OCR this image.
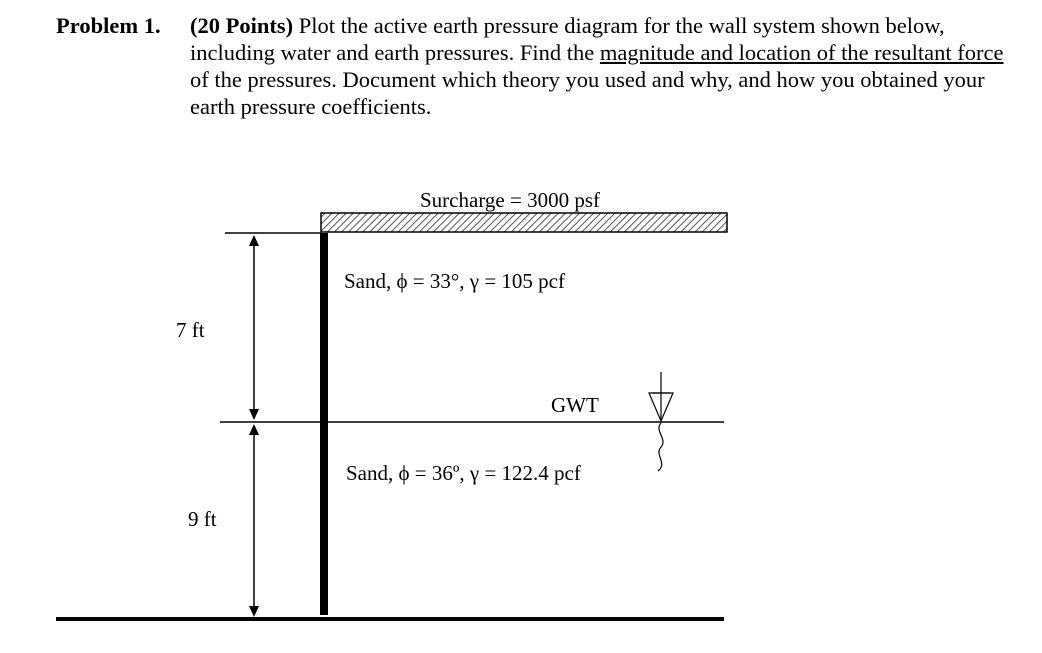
Problem 1. (20 Points) Plot the active earth pressure diagram for the wall system shown below, including water and earth pressures. Find the magnitude and location of the resultant force of the pressures. Document which theory you used and why, and how you obtained your earth pressure coefficients.
Surcharge = 3000 psf
7 ft
9 ft
Sand, ϕ = 33°, γ = 105 pcf
Sand, ϕ = 36º, γ = 122.4 pcf
GWT
